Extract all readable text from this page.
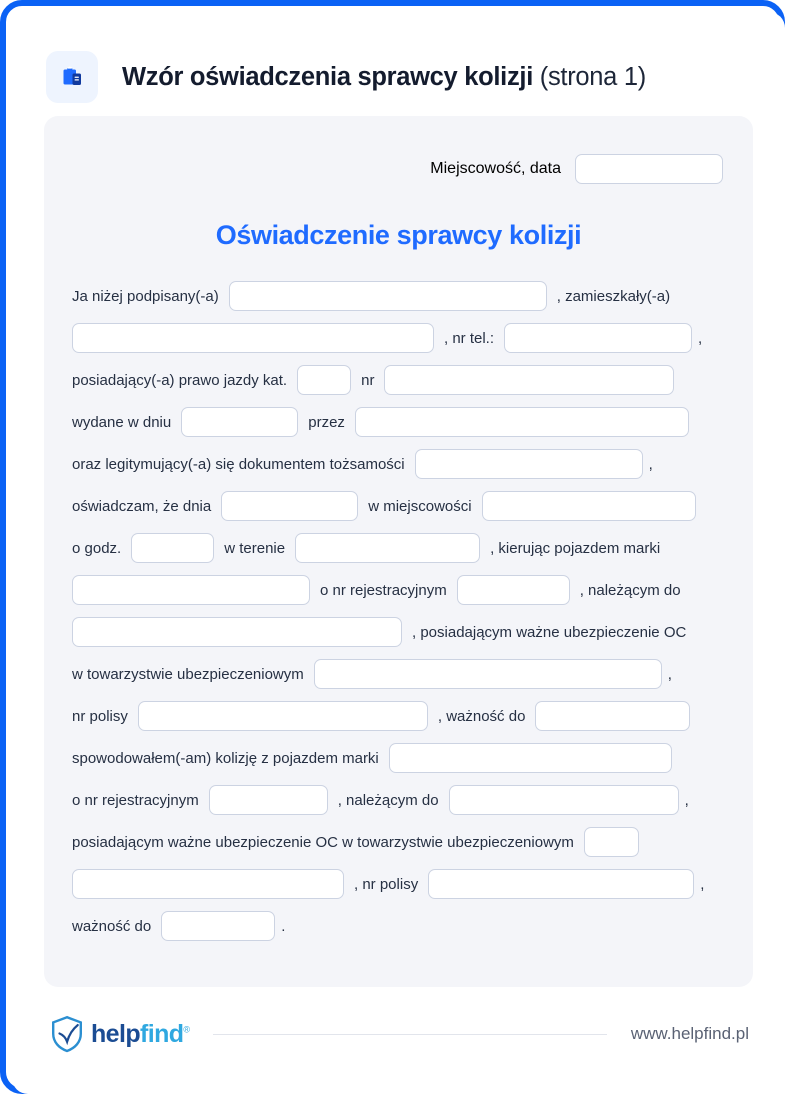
Wzór oświadczenia sprawcy kolizji (strona 1)
Miejscowość, data
Oświadczenie sprawcy kolizji
Ja niżej podpisany(-a)	, zamieszkały(-a)
, nr tel.:	,
posiadający(-a) prawo jazdy kat.	nr
wydane w dniu	przez
oraz legitymujący(-a) się dokumentem tożsamości	,
oświadczam, że dnia	w miejscowości
o godz.	w terenie	, kierując pojazdem marki
o nr rejestracyjnym	, należącym do
, posiadającym ważne ubezpieczenie OC
w towarzystwie ubezpieczeniowym	,
nr polisy	, ważność do
spowodowałem(-am) kolizję z pojazdem marki
o nr rejestracyjnym	, należącym do	,
posiadającym ważne ubezpieczenie OC w towarzystwie ubezpieczeniowym
, nr polisy	,
ważność do	.
helpfind®	www.helpfind.pl
